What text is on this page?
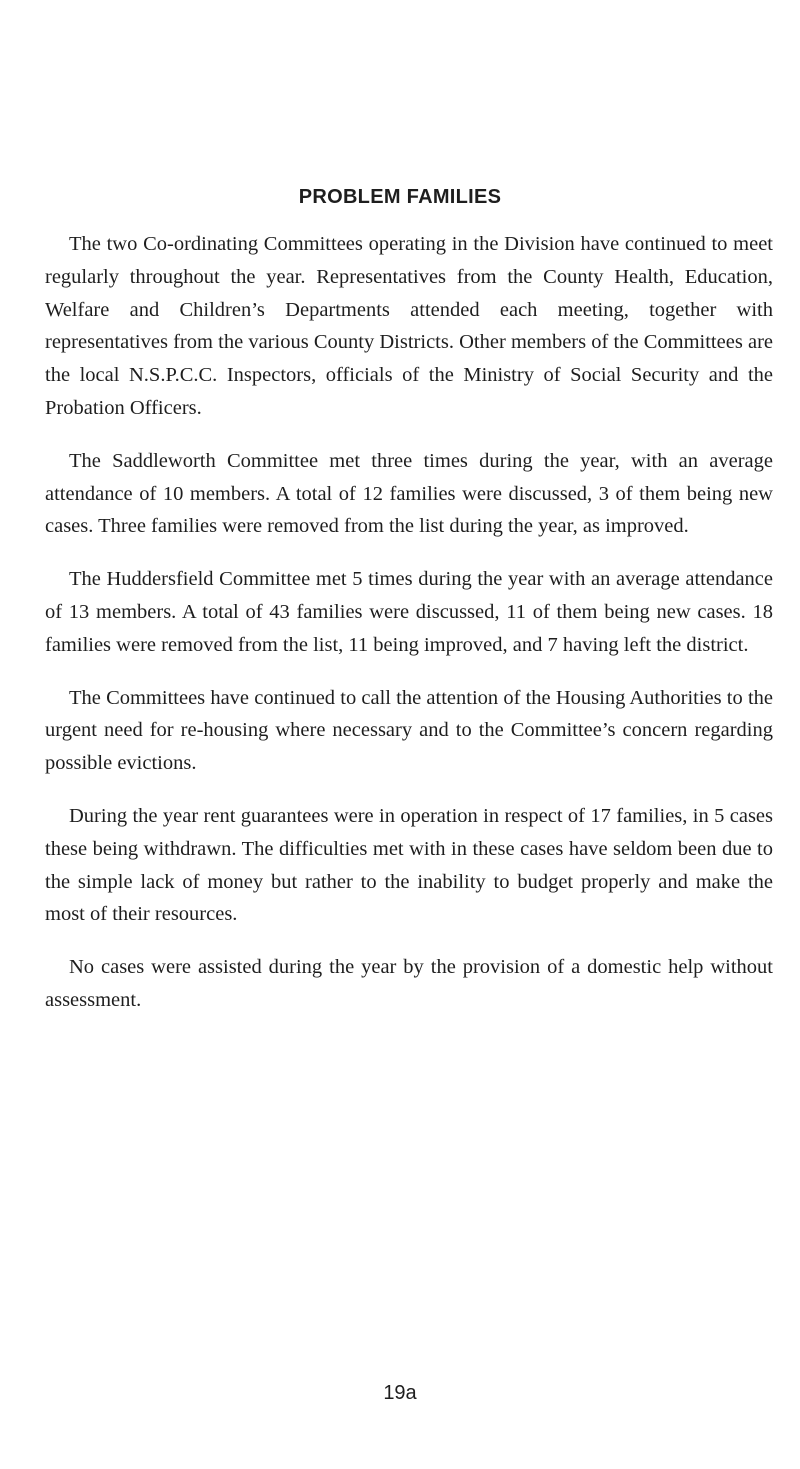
PROBLEM FAMILIES

The two Co-ordinating Committees operating in the Division have continued to meet regularly throughout the year. Representatives from the County Health, Education, Welfare and Children’s Departments attended each meeting, together with representatives from the various County Districts. Other members of the Committees are the local N.S.P.C.C. Inspectors, officials of the Ministry of Social Security and the Probation Officers.

The Saddleworth Committee met three times during the year, with an average attendance of 10 members. A total of 12 families were discussed, 3 of them being new cases. Three families were removed from the list during the year, as improved.

The Huddersfield Committee met 5 times during the year with an average attendance of 13 members. A total of 43 families were discussed, 11 of them being new cases. 18 families were removed from the list, 11 being improved, and 7 having left the district.

The Committees have continued to call the attention of the Housing Authorities to the urgent need for re-housing where necessary and to the Committee’s concern regarding possible evictions.

During the year rent guarantees were in operation in respect of 17 families, in 5 cases these being withdrawn. The difficulties met with in these cases have seldom been due to the simple lack of money but rather to the inability to budget properly and make the most of their resources.

No cases were assisted during the year by the provision of a domestic help without assessment.

19a
